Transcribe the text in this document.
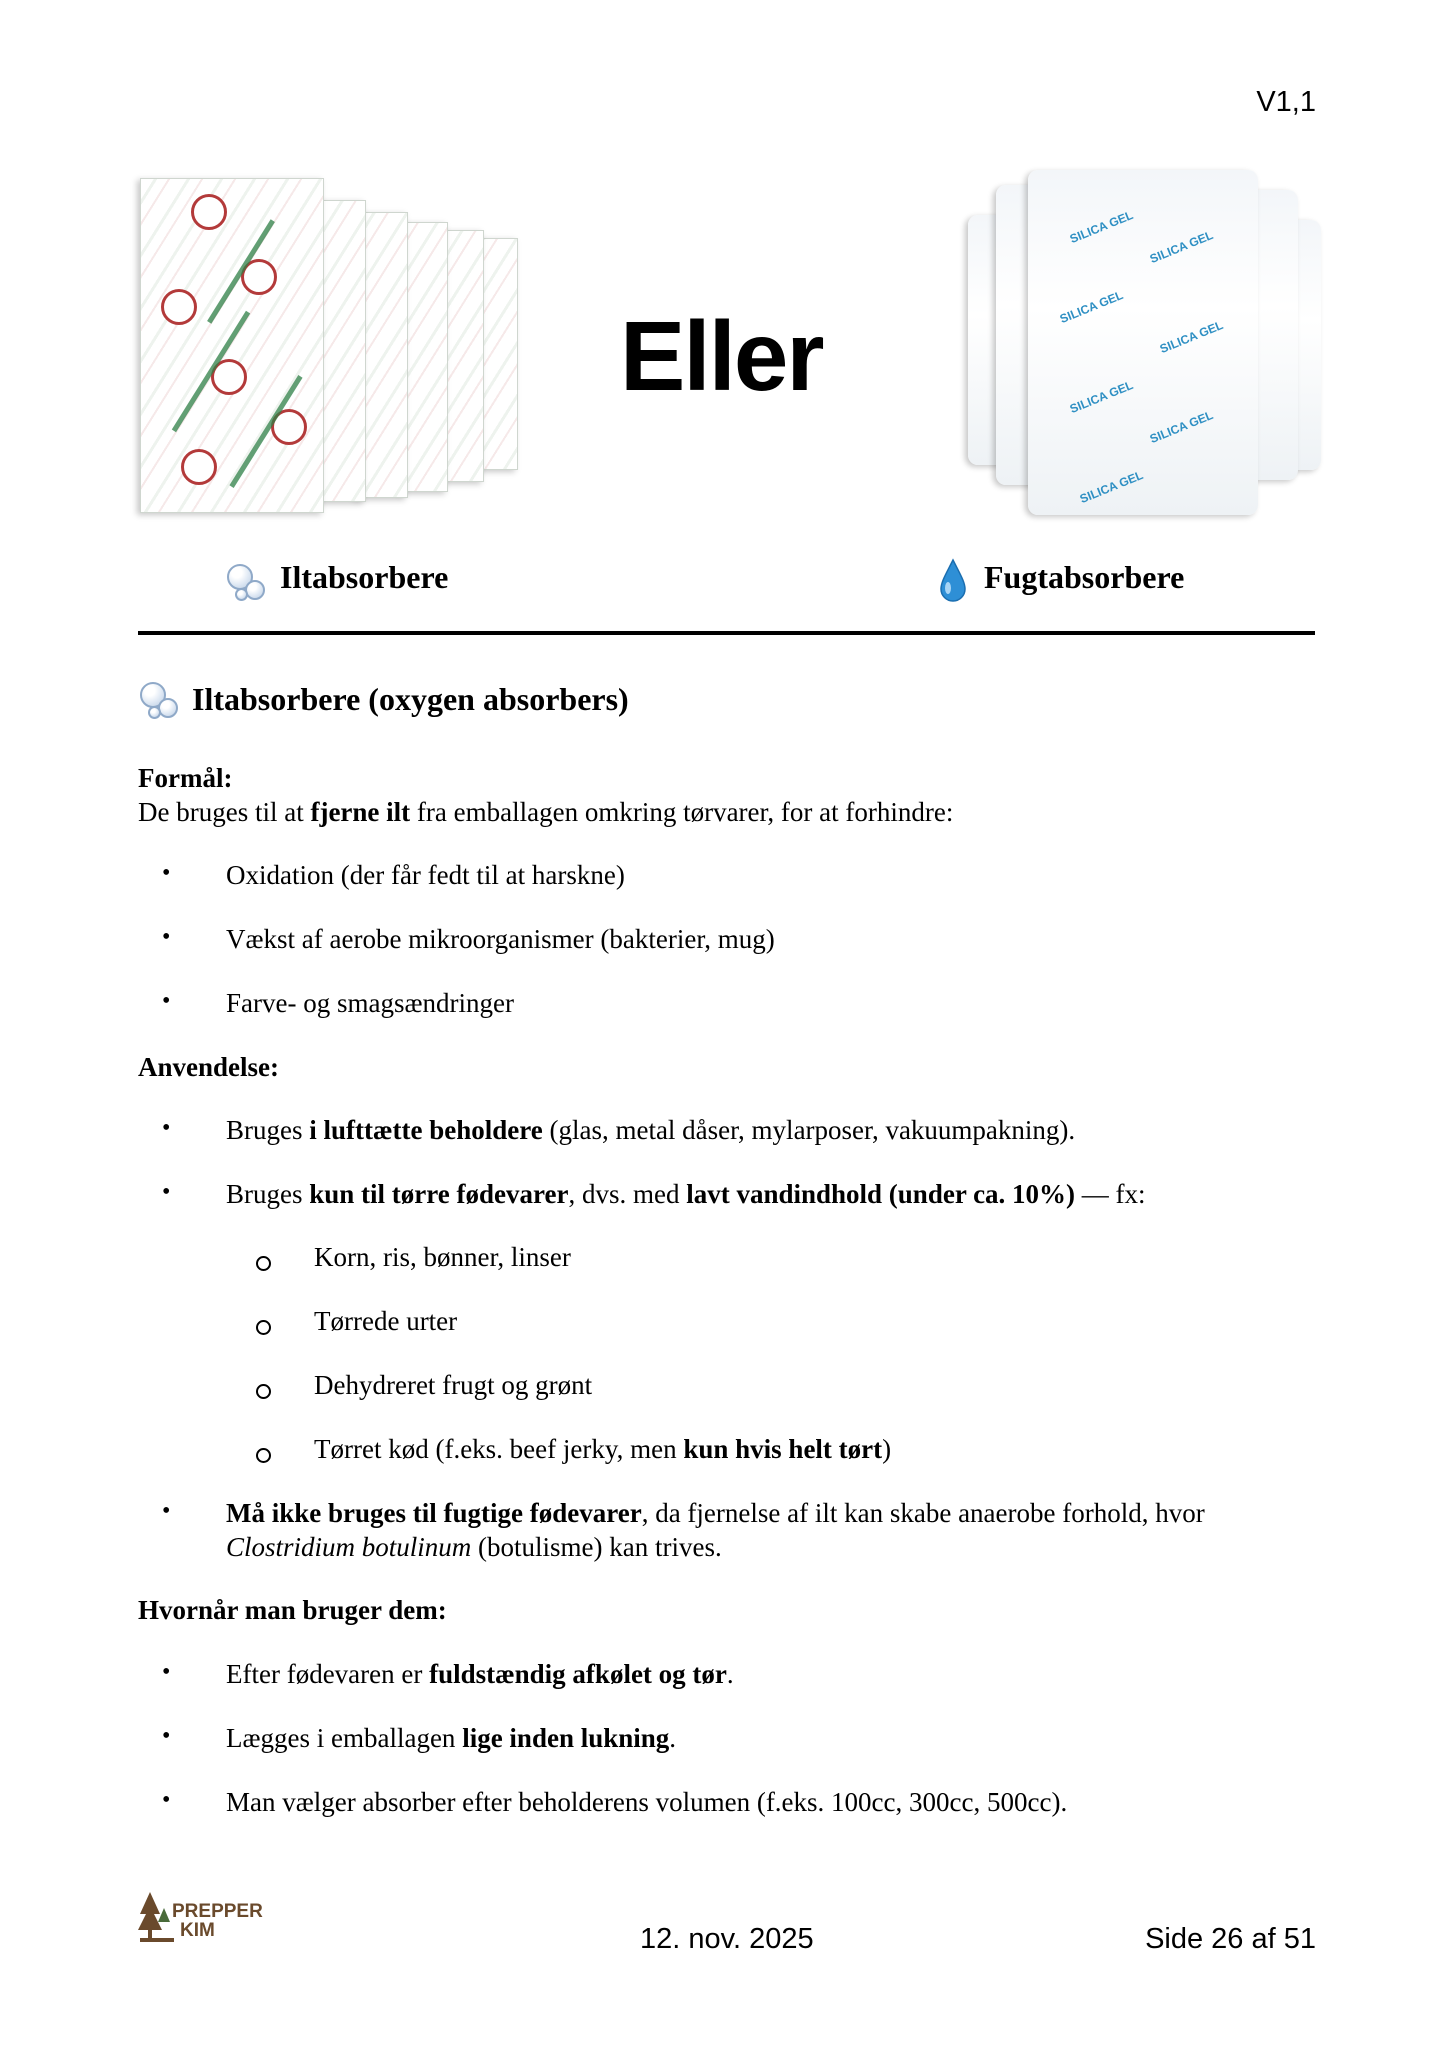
V1,1
Eller
SILICA GEL
SILICA GEL
SILICA GEL
SILICA GEL
SILICA GEL
SILICA GEL
SILICA GEL
Iltabsorbere	Fugtabsorbere
Iltabsorbere (oxygen absorbers)
Formål:
De bruges til at fjerne ilt fra emballagen omkring tørvarer, for at forhindre:
• Oxidation (der får fedt til at harskne)
• Vækst af aerobe mikroorganismer (bakterier, mug)
• Farve- og smagsændringer
Anvendelse:
• Bruges i lufttætte beholdere (glas, metal dåser, mylarposer, vakuumpakning).
• Bruges kun til tørre fødevarer, dvs. med lavt vandindhold (under ca. 10%) — fx:
Korn, ris, bønner, linser
Tørrede urter
Dehydreret frugt og grønt
Tørret kød (f.eks. beef jerky, men kun hvis helt tørt)
• Må ikke bruges til fugtige fødevarer, da fjernelse af ilt kan skabe anaerobe forhold, hvor
Clostridium botulinum (botulisme) kan trives.
Hvornår man bruger dem:
• Efter fødevaren er fuldstændig afkølet og tør.
• Lægges i emballagen lige inden lukning.
• Man vælger absorber efter beholderens volumen (f.eks. 100cc, 300cc, 500cc).
PREPPER
KIM	12. nov. 2025	Side 26 af 51
